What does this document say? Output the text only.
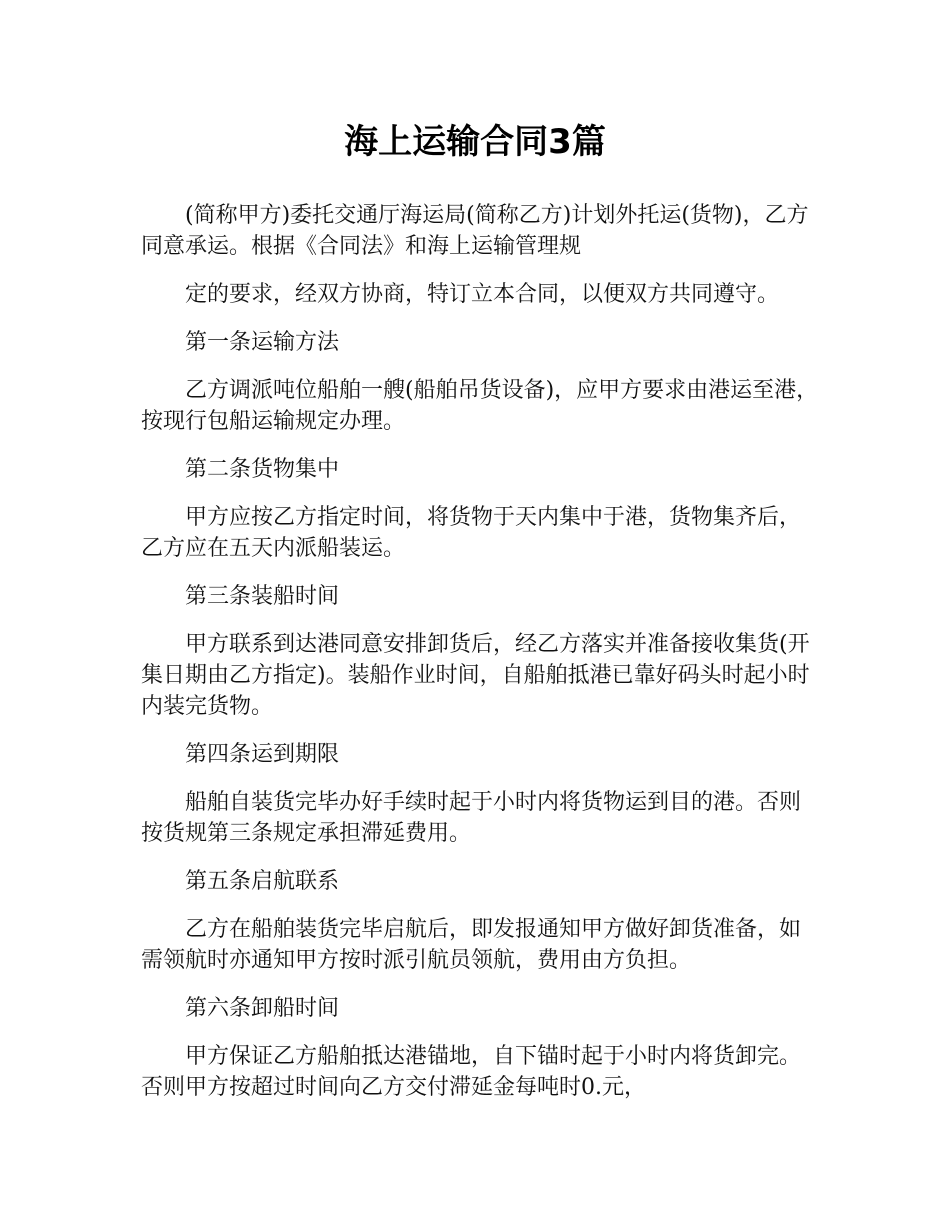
海上运输合同3篇

(简称甲方)委托交通厅海运局(简称乙方)计划外托运(货物)，乙方同意承运。根据《合同法》和海上运输管理规

定的要求，经双方协商，特订立本合同，以便双方共同遵守。

第一条运输方法

乙方调派吨位船舶一艘(船舶吊货设备)，应甲方要求由港运至港，按现行包船运输规定办理。

第二条货物集中

甲方应按乙方指定时间，将货物于天内集中于港，货物集齐后，乙方应在五天内派船装运。

第三条装船时间

甲方联系到达港同意安排卸货后，经乙方落实并准备接收集货(开集日期由乙方指定)。装船作业时间，自船舶抵港已靠好码头时起小时内装完货物。

第四条运到期限

船舶自装货完毕办好手续时起于小时内将货物运到目的港。否则按货规第三条规定承担滞延费用。

第五条启航联系

乙方在船舶装货完毕启航后，即发报通知甲方做好卸货准备，如需领航时亦通知甲方按时派引航员领航，费用由方负担。

第六条卸船时间

甲方保证乙方船舶抵达港锚地，自下锚时起于小时内将货卸完。否则甲方按超过时间向乙方交付滞延金每吨时0.元，
